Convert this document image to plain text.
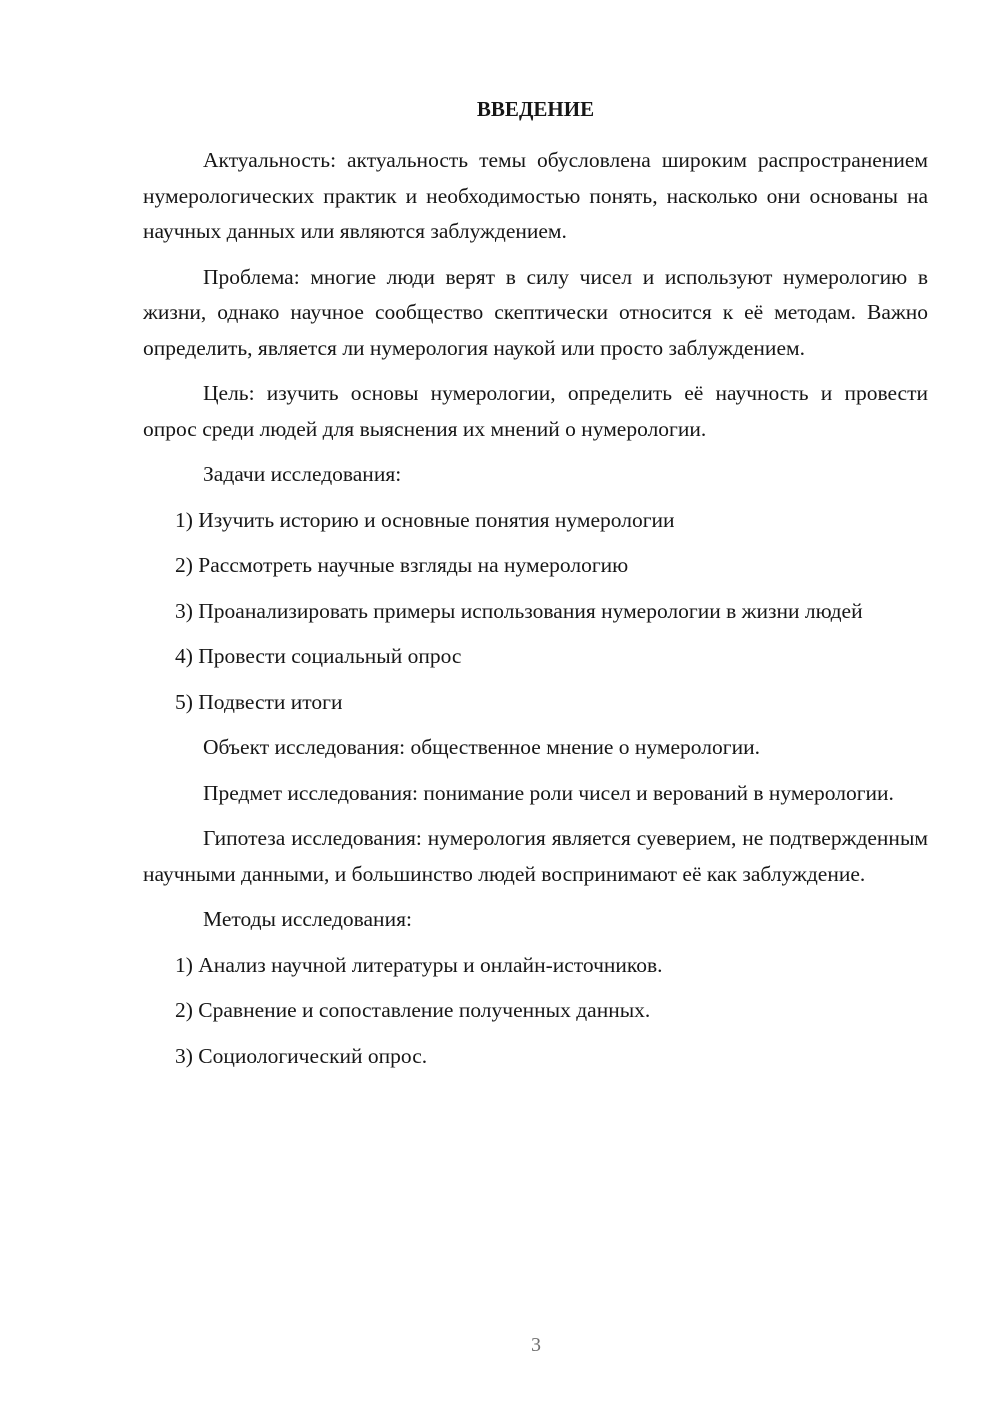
ВВЕДЕНИЕ

Актуальность: актуальность темы обусловлена широким распространением нумерологических практик и необходимостью понять, насколько они основаны на научных данных или являются заблуждением.

Проблема: многие люди верят в силу чисел и используют нумерологию в жизни, однако научное сообщество скептически относится к её методам. Важно определить, является ли нумерология наукой или просто заблуждением.

Цель: изучить основы нумерологии, определить её научность и провести опрос среди людей для выяснения их мнений о нумерологии.

Задачи исследования:

1) Изучить историю и основные понятия нумерологии

2) Рассмотреть научные взгляды на нумерологию

3) Проанализировать примеры использования нумерологии в жизни людей

4) Провести социальный опрос

5) Подвести итоги

Объект исследования: общественное мнение о нумерологии.

Предмет исследования: понимание роли чисел и верований в нумерологии.

Гипотеза исследования: нумерология является суеверием, не подтвержденным научными данными, и большинство людей воспринимают её как заблуждение.

Методы исследования:

1) Анализ научной литературы и онлайн-источников.

2) Сравнение и сопоставление полученных данных.

3) Социологический опрос.

3
